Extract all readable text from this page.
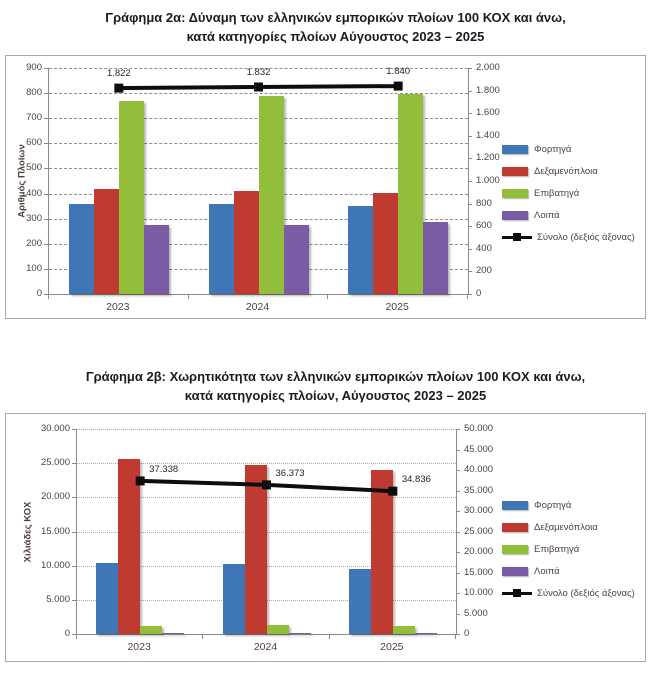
Γράφημα 2α: Δύναμη των ελληνικών εμπορικών πλοίων 100 ΚΟΧ και άνω,
κατά κατηγορίες πλοίων Αύγουστος 2023 – 2025
1.822	1.832	1.840
0
100
200
300
400
500
600
700
800
900
0
200
400
600
800
1.000
1.200
1.400
1.600
1.800
2.000
2023	2024	2025
Αριθμός Πλοίων	Φορτηγά
Δεξαμενόπλοια
Επιβατηγά
Λοιπά
Σύνολο (δεξιός άξονας)
Γράφημα 2β: Χωρητικότητα των ελληνικών εμπορικών πλοίων 100 ΚΟΧ και άνω,
κατά κατηγορίες πλοίων, Αύγουστος 2023 – 2025
37.338	36.373
34.836
0
5.000
10.000
15.000
20.000
25.000
30.000
0
5.000
10.000
15.000
20.000
25.000
30.000
35.000
40.000
45.000
50.000
2023	2024	2025
Χιλιάδες ΚΟΧ	Φορτηγά
Δεξαμενόπλοια
Επιβατηγά
Λοιπά
Σύνολο (δεξιός άξονας)
